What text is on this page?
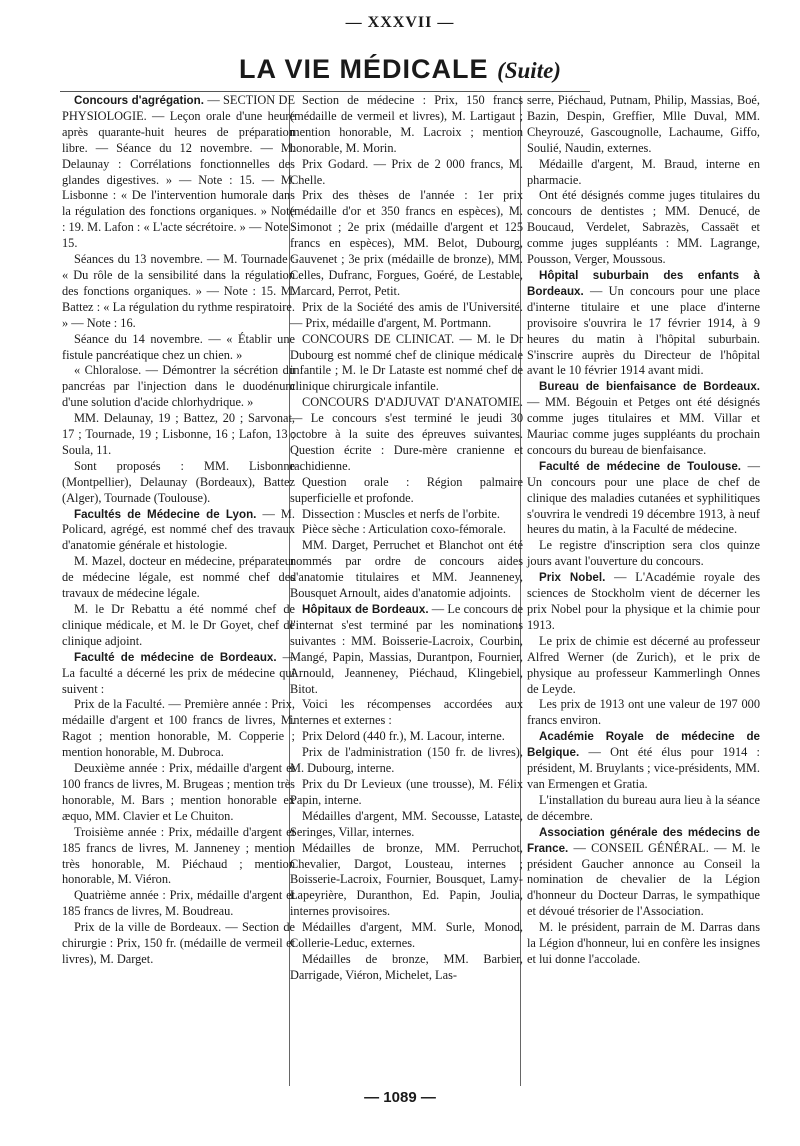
— XXXVII —
LA VIE MÉDICALE (Suite)

Concours d'agrégation. — SECTION DE PHYSIOLOGIE. — Leçon orale d'une heure après quarante-huit heures de préparation libre. — Séance du 12 novembre. — M. Delaunay : Corrélations fonctionnelles des glandes digestives. » — Note : 15. — M. Lisbonne : « De l'intervention humorale dans la régulation des fonctions organiques. » Note : 19. M. Lafon : « L'acte sécrétoire. » — Note : 15.

Séances du 13 novembre. — M. Tournade : « Du rôle de la sensibilité dans la régulation des fonctions organiques. » — Note : 15. M. Battez : « La régulation du rythme respiratoire. » — Note : 16.

Séance du 14 novembre. — « Établir une fistule pancréatique chez un chien. »

« Chloralose. — Démontrer la sécrétion du pancréas par l'injection dans le duodénum d'une solution d'acide chlorhydrique. »

MM. Delaunay, 19 ; Battez, 20 ; Sarvonat, 17 ; Tournade, 19 ; Lisbonne, 16 ; Lafon, 13 ; Soula, 11.

Sont proposés : MM. Lisbonne (Montpellier), Delaunay (Bordeaux), Battez (Alger), Tournade (Toulouse).

Facultés de Médecine de Lyon. — M. Policard, agrégé, est nommé chef des travaux d'anatomie générale et histologie.

M. Mazel, docteur en médecine, préparateur de médecine légale, est nommé chef des travaux de médecine légale.

M. le Dr Rebattu a été nommé chef de clinique médicale, et M. le Dr Goyet, chef de clinique adjoint.

Faculté de médecine de Bordeaux. — La faculté a décerné les prix de médecine qui suivent :

Prix de la Faculté. — Première année : Prix, médaille d'argent et 100 francs de livres, M. Ragot ; mention honorable, M. Copperie ; mention honorable, M. Dubroca.

Deuxième année : Prix, médaille d'argent et 100 francs de livres, M. Brugeas ; mention très honorable, M. Bars ; mention honorable ex æquo, MM. Clavier et Le Chuiton.

Troisième année : Prix, médaille d'argent et 185 francs de livres, M. Janneney ; mention très honorable, M. Piéchaud ; mention honorable, M. Viéron.

Quatrième année : Prix, médaille d'argent et 185 francs de livres, M. Boudreau.

Prix de la ville de Bordeaux. — Section de chirurgie : Prix, 150 fr. (médaille de vermeil et livres), M. Darget.

Section de médecine : Prix, 150 francs (médaille de vermeil et livres), M. Lartigaut ; mention honorable, M. Lacroix ; mention honorable, M. Morin.

Prix Godard. — Prix de 2 000 francs, M. Chelle.

Prix des thèses de l'année : 1er prix (médaille d'or et 350 francs en espèces), M. Simonot ; 2e prix (médaille d'argent et 125 francs en espèces), MM. Belot, Dubourg, Gauvenet ; 3e prix (médaille de bronze), MM. Celles, Dufranc, Forgues, Goéré, de Lestable, Marcard, Perrot, Petit.

Prix de la Société des amis de l'Université. — Prix, médaille d'argent, M. Portmann.

CONCOURS DE CLINICAT. — M. le Dr Dubourg est nommé chef de clinique médicale infantile ; M. le Dr Lataste est nommé chef de clinique chirurgicale infantile.

CONCOURS D'ADJUVAT D'ANATOMIE. — Le concours s'est terminé le jeudi 30 octobre à la suite des épreuves suivantes. Question écrite : Dure-mère cranienne et rachidienne.

Question orale : Région palmaire superficielle et profonde.

Dissection : Muscles et nerfs de l'orbite.

Pièce sèche : Articulation coxo-fémorale.

MM. Darget, Perruchet et Blanchot ont été nommés par ordre de concours aides d'anatomie titulaires et MM. Jeanneney, Bousquet Arnoult, aides d'anatomie adjoints.

Hôpitaux de Bordeaux. — Le concours de l'internat s'est terminé par les nominations suivantes : MM. Boisserie-Lacroix, Courbin, Mangé, Papin, Massias, Durantpon, Fournier, Arnould, Jeanneney, Piéchaud, Klingebiel, Bitot.

Voici les récompenses accordées aux internes et externes :

Prix Delord (440 fr.), M. Lacour, interne.

Prix de l'administration (150 fr. de livres), M. Dubourg, interne.

Prix du Dr Levieux (une trousse), M. Félix Papin, interne.

Médailles d'argent, MM. Secousse, Lataste, Seringes, Villar, internes.

Médailles de bronze, MM. Perruchot, Chevalier, Dargot, Lousteau, internes ; Boisserie-Lacroix, Fournier, Bousquet, Lamy-Lapeyrière, Duranthon, Ed. Papin, Joulia, internes provisoires.

Médailles d'argent, MM. Surle, Monod, Collerie-Leduc, externes.

Médailles de bronze, MM. Barbier, Darrigade, Viéron, Michelet, Las-

serre, Piéchaud, Putnam, Philip, Massias, Boé, Bazin, Despin, Greffier, Mlle Duval, MM. Cheyrouzé, Gascougnolle, Lachaume, Giffo, Soulié, Naudin, externes.

Médaille d'argent, M. Braud, interne en pharmacie.

Ont été désignés comme juges titulaires du concours de dentistes ; MM. Denucé, de Boucaud, Verdelet, Sabrazès, Cassaët et comme juges suppléants : MM. Lagrange, Pousson, Verger, Moussous.

Hôpital suburbain des enfants à Bordeaux. — Un concours pour une place d'interne titulaire et une place d'interne provisoire s'ouvrira le 17 février 1914, à 9 heures du matin à l'hôpital suburbain. S'inscrire auprès du Directeur de l'hôpital avant le 10 février 1914 avant midi.

Bureau de bienfaisance de Bordeaux. — MM. Bégouin et Petges ont été désignés comme juges titulaires et MM. Villar et Mauriac comme juges suppléants du prochain concours du bureau de bienfaisance.

Faculté de médecine de Toulouse. — Un concours pour une place de chef de clinique des maladies cutanées et syphilitiques s'ouvrira le vendredi 19 décembre 1913, à neuf heures du matin, à la Faculté de médecine.

Le registre d'inscription sera clos quinze jours avant l'ouverture du concours.

Prix Nobel. — L'Académie royale des sciences de Stockholm vient de décerner les prix Nobel pour la physique et la chimie pour 1913.

Le prix de chimie est décerné au professeur Alfred Werner (de Zurich), et le prix de physique au professeur Kammerlingh Onnes de Leyde.

Les prix de 1913 ont une valeur de 197 000 francs environ.

Académie Royale de médecine de Belgique. — Ont été élus pour 1914 : président, M. Bruylants ; vice-présidents, MM. van Ermengen et Gratia.

L'installation du bureau aura lieu à la séance de décembre.

Association générale des médecins de France. — CONSEIL GÉNÉRAL. — M. le président Gaucher annonce au Conseil la nomination de chevalier de la Légion d'honneur du Docteur Darras, le sympathique et dévoué trésorier de l'Association.

M. le président, parrain de M. Darras dans la Légion d'honneur, lui en confère les insignes et lui donne l'accolade.

— 1089 —
